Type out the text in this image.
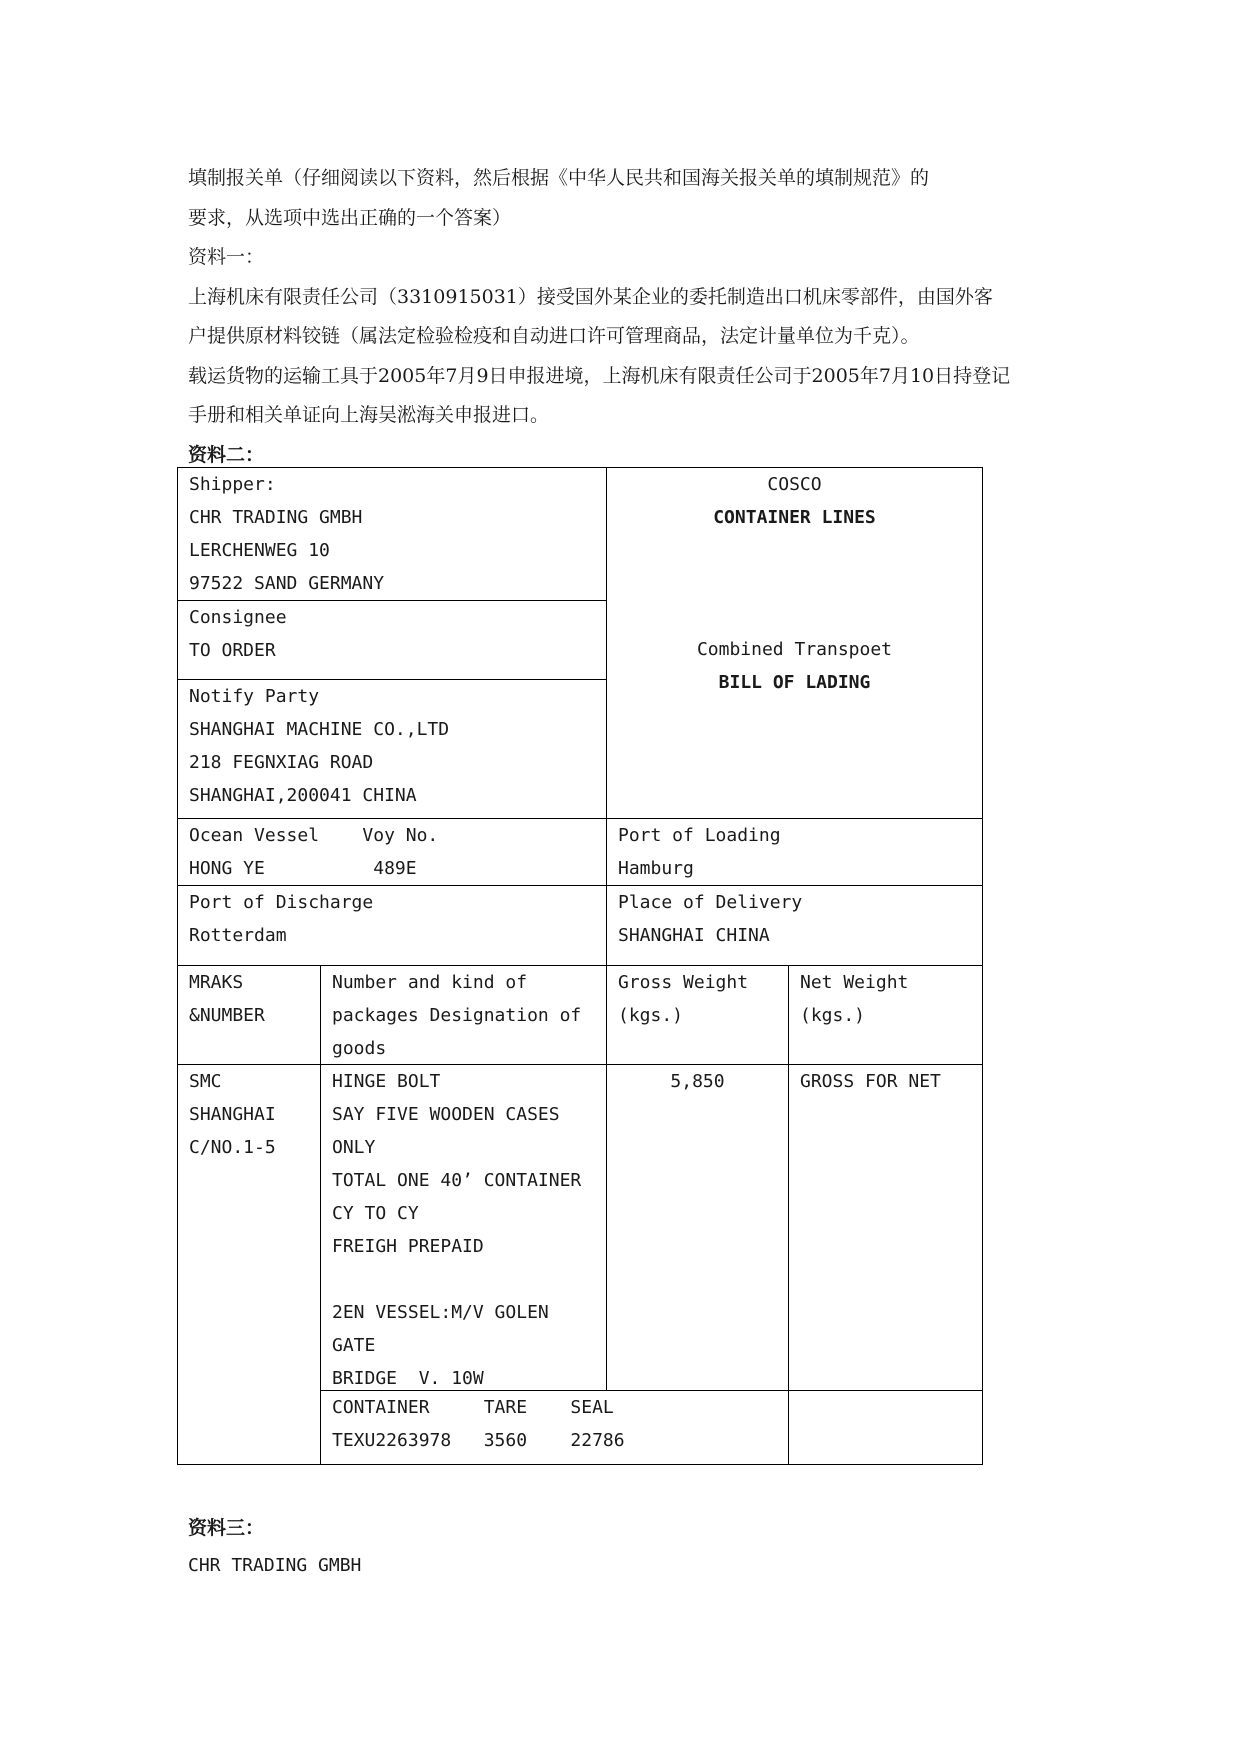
填制报关单（仔细阅读以下资料，然后根据《中华人民共和国海关报关单的填制规范》的

要求，从选项中选出正确的一个答案）

资料一：

上海机床有限责任公司（3310915031）接受国外某企业的委托制造出口机床零部件，由国外客

户提供原材料铰链（属法定检验检疫和自动进口许可管理商品，法定计量单位为千克）。

载运货物的运输工具于2005年7月9日申报进境，上海机床有限责任公司于2005年7月10日持登记

手册和相关单证向上海吴淞海关申报进口。

资料二：

Shipper:
CHR TRADING GMBH
LERCHENWEG 10
97522 SAND GERMANY
Consignee
TO ORDER
Notify Party
SHANGHAI MACHINE CO.,LTD
218 FEGNXIAG ROAD
SHANGHAI,200041 CHINA
COSCO
CONTAINER LINES
Combined Transpoet
BILL OF LADING
Ocean Vessel    Voy No.
HONG YE          489E
Port of Loading
Hamburg
Port of Discharge
Rotterdam
Place of Delivery
SHANGHAI CHINA
MRAKS
&NUMBER
Number and kind of
packages Designation of
goods
Gross Weight
(kgs.)
Net Weight
(kgs.)
SMC
SHANGHAI
C/NO.1-5
HINGE BOLT
SAY FIVE WOODEN CASES
ONLY
TOTAL ONE 40’ CONTAINER
CY TO CY
FREIGH PREPAID

2EN VESSEL:M/V GOLEN
GATE
BRIDGE  V. 10W
5,850	GROSS FOR NET
CONTAINER     TARE    SEAL
TEXU2263978   3560    22786
资料三：
CHR TRADING GMBH
